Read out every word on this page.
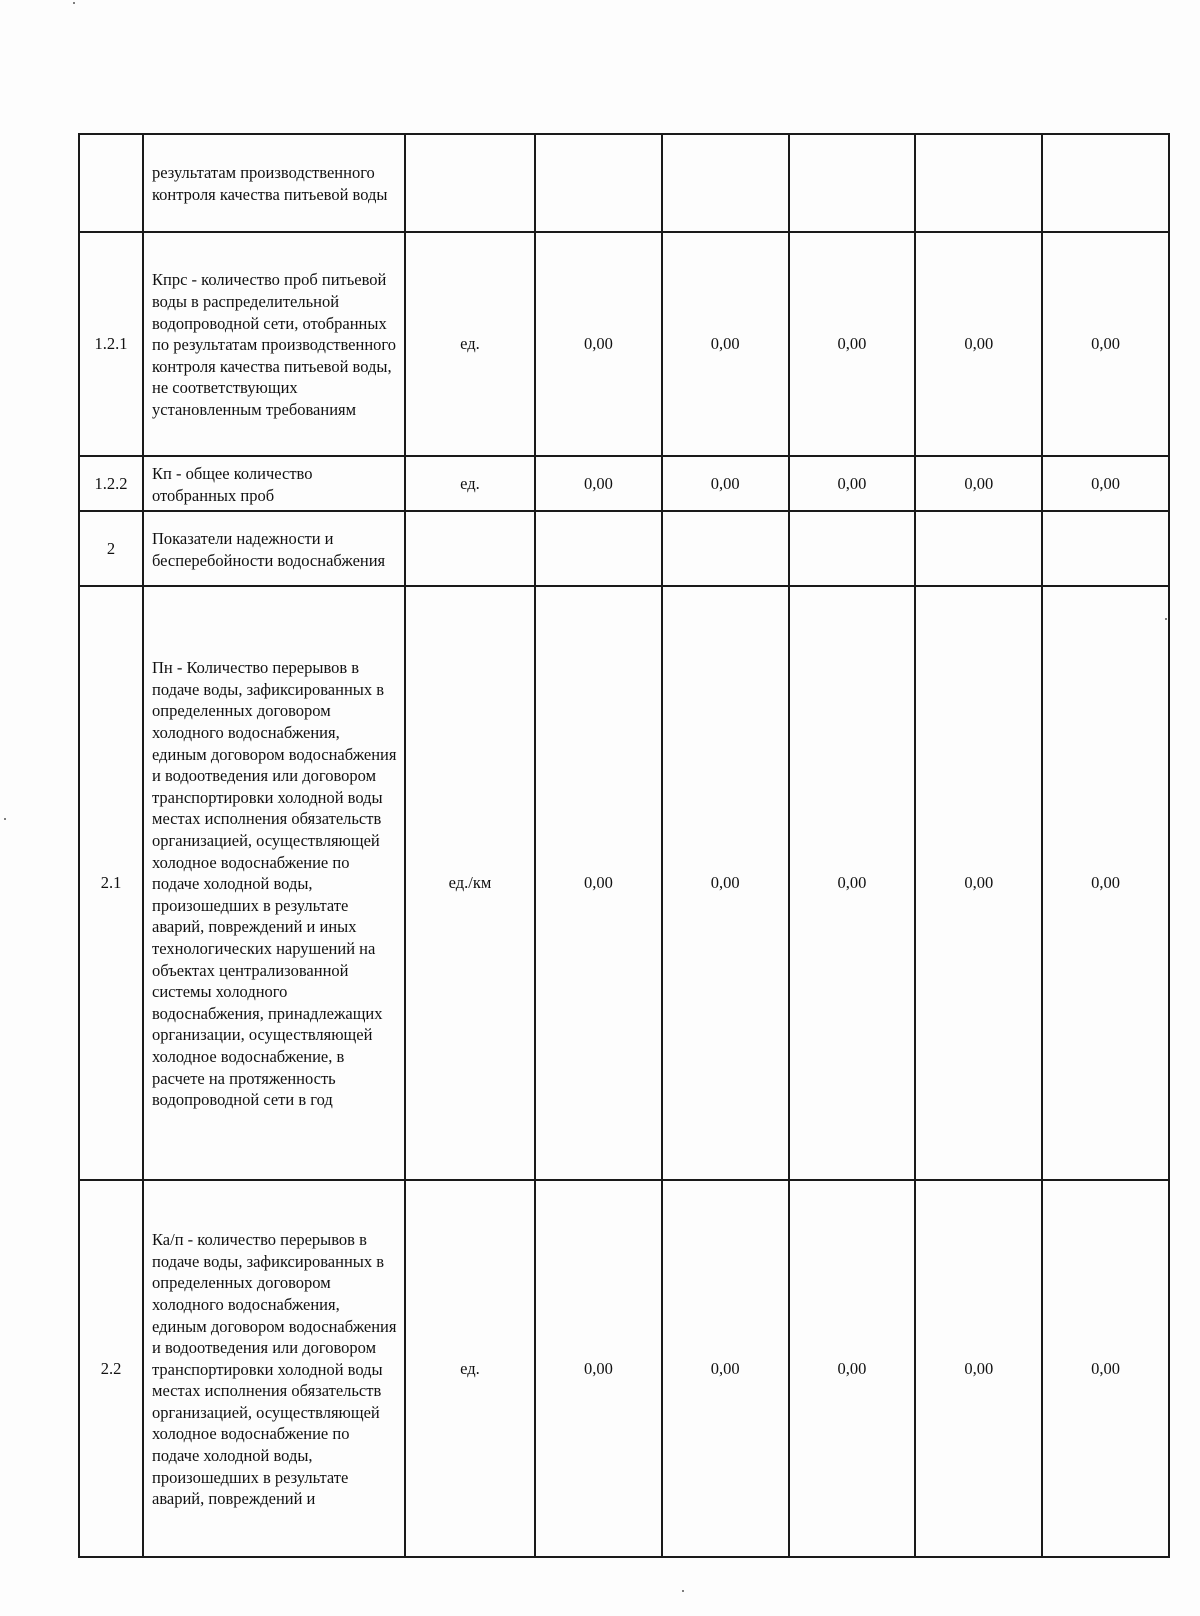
	результатам производственного контроля качества питьевой воды						
1.2.1	Кпрс - количество проб питьевой воды в распределительной водопроводной сети, отобранных по результатам производственного контроля качества питьевой воды, не соответствующих установленным требованиям	ед.	0,00	0,00	0,00	0,00	0,00
1.2.2	Кп - общее количество отобранных проб	ед.	0,00	0,00	0,00	0,00	0,00
2	Показатели надежности и бесперебойности водоснабжения						
2.1	Пн - Количество перерывов в подаче воды, зафиксированных в определенных договором холодного водоснабжения, единым договором водоснабжения и водоотведения или договором транспортировки холодной воды местах исполнения обязательств организацией, осуществляющей холодное водоснабжение по подаче холодной воды, произошедших в результате аварий, повреждений и иных технологических нарушений на объектах централизованной системы холодного водоснабжения, принадлежащих организации, осуществляющей холодное водоснабжение, в расчете на протяженность водопроводной сети в год	ед./км	0,00	0,00	0,00	0,00	0,00
2.2	Ка/п - количество перерывов в подаче воды, зафиксированных в определенных договором холодного водоснабжения, единым договором водоснабжения и водоотведения или договором транспортировки холодной воды местах исполнения обязательств организацией, осуществляющей холодное водоснабжение по подаче холодной воды, произошедших в результате аварий, повреждений и	ед.	0,00	0,00	0,00	0,00	0,00
